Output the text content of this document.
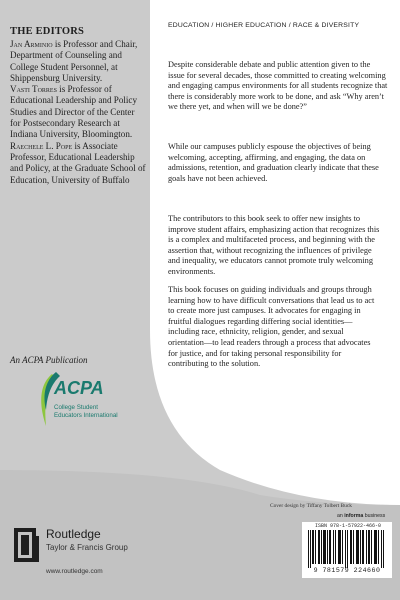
THE EDITORS
Jan Arminio is Professor and Chair, Department of Counseling and College Student Personnel, at Shippensburg University.
Vasti Torres is Professor of Educational Leadership and Policy Studies and Director of the Center for Postsecondary Research at Indiana University, Bloomington.
Raechele L. Pope is Associate Professor, Educational Leadership and Policy, at the Graduate School of Education, University of Buffalo
An ACPA Publication
ACPA
College Student Educators International
EDUCATION / HIGHER EDUCATION / RACE & DIVERSITY
Despite considerable debate and public attention given to the issue for several decades, those committed to creating welcoming and engaging campus environments for all students recognize that there is considerably more work to be done, and ask “Why aren’t we there yet, and when will we be done?”
While our campuses publicly espouse the objectives of being welcoming, accepting, affirming, and engaging, the data on admissions, retention, and graduation clearly indicate that these goals have not been achieved.
The contributors to this book seek to offer new insights to improve student affairs, emphasizing action that recognizes this is a complex and multifaceted process, and beginning with the assertion that, without recognizing the influences of privilege and inequality, we educators cannot promote truly welcoming environments.
This book focuses on guiding individuals and groups through learning how to have difficult conversations that lead us to act to create more just campuses. It advocates for engaging in fruitful dialogues regarding differing social identities—including race, ethnicity, religion, gender, and sexual orientation—to lead readers through a process that advocates for justice, and for taking personal responsibility for contributing to the solution.
Cover design by Tiffany Tolbert Buck
an informa business
ISBN 978-1-57922-466-0
9 781579 224660
Routledge
Taylor & Francis Group
www.routledge.com
